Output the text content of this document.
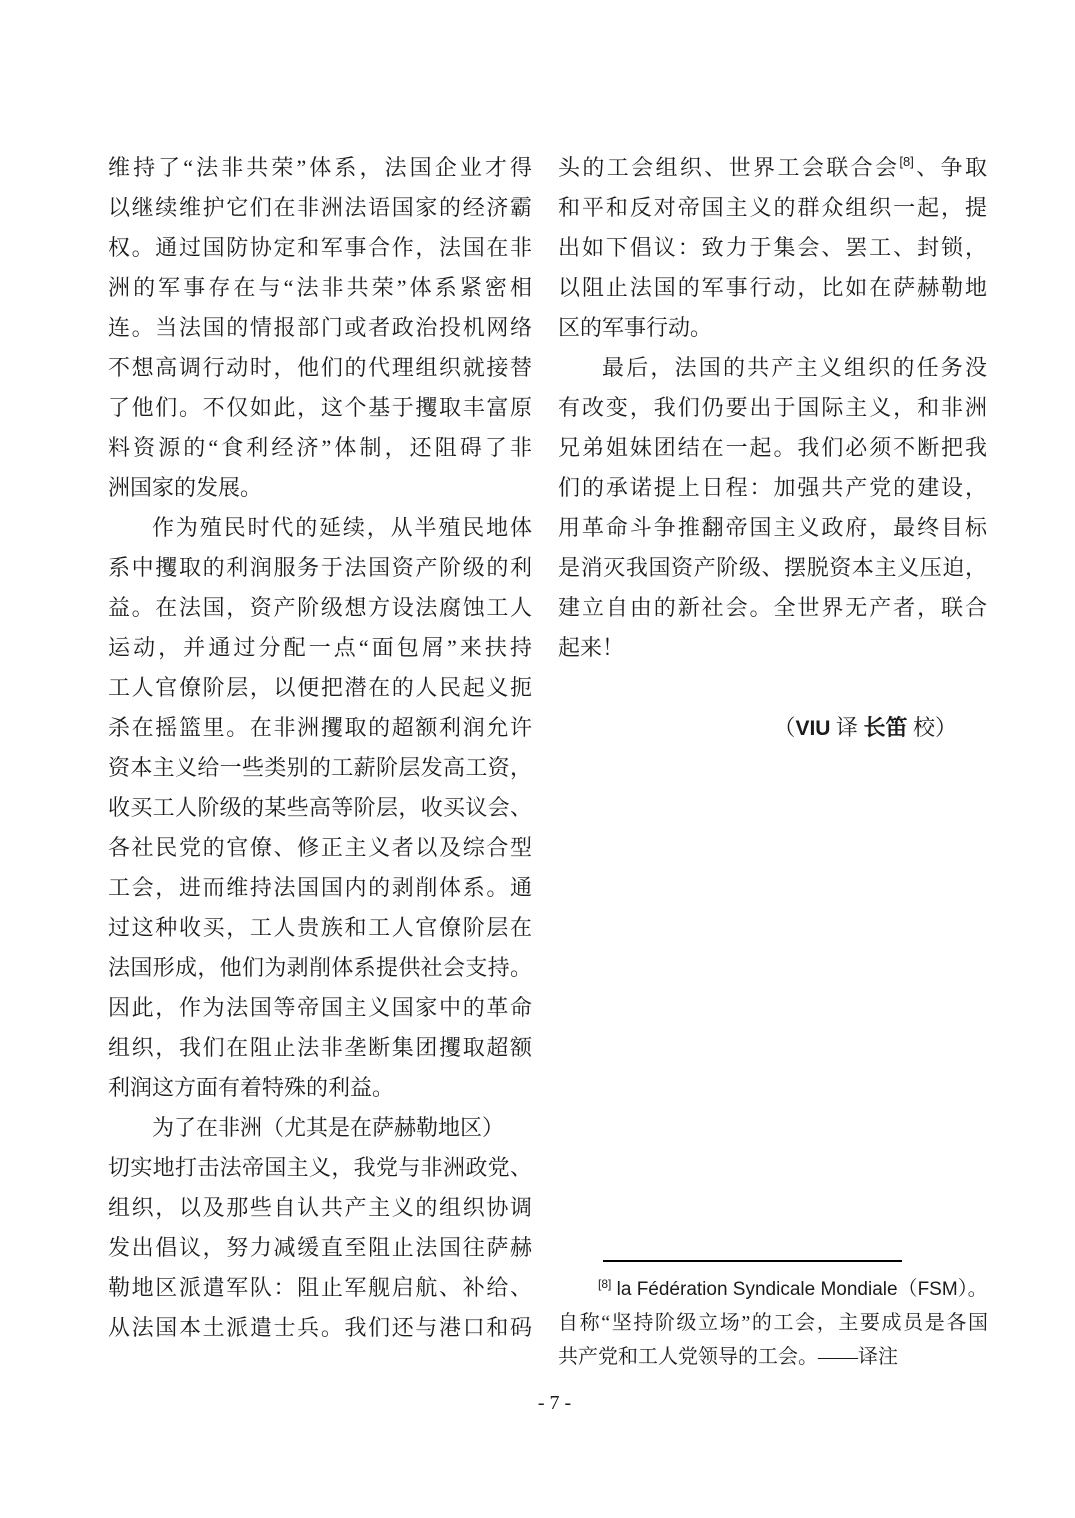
维持了“法非共荣”体系，法国企业才得
以继续维护它们在非洲法语国家的经济霸
权。通过国防协定和军事合作，法国在非
洲的军事存在与“法非共荣”体系紧密相
连。当法国的情报部门或者政治投机网络
不想高调行动时，他们的代理组织就接替
了他们。不仅如此，这个基于攫取丰富原
料资源的“食利经济”体制，还阻碍了非
洲国家的发展。
作为殖民时代的延续，从半殖民地体
系中攫取的利润服务于法国资产阶级的利
益。在法国，资产阶级想方设法腐蚀工人
运动，并通过分配一点“面包屑”来扶持
工人官僚阶层，以便把潜在的人民起义扼
杀在摇篮里。在非洲攫取的超额利润允许
资本主义给一些类别的工薪阶层发高工资，
收买工人阶级的某些高等阶层，收买议会、
各社民党的官僚、修正主义者以及综合型
工会，进而维持法国国内的剥削体系。通
过这种收买，工人贵族和工人官僚阶层在
法国形成，他们为剥削体系提供社会支持。
因此，作为法国等帝国主义国家中的革命
组织，我们在阻止法非垄断集团攫取超额
利润这方面有着特殊的利益。
为了在非洲（尤其是在萨赫勒地区）
切实地打击法帝国主义，我党与非洲政党、
组织，以及那些自认共产主义的组织协调
发出倡议，努力减缓直至阻止法国往萨赫
勒地区派遣军队：阻止军舰启航、补给、
从法国本土派遣士兵。我们还与港口和码
头的工会组织、世界工会联合会[8]、争取
和平和反对帝国主义的群众组织一起，提
出如下倡议：致力于集会、罢工、封锁，
以阻止法国的军事行动，比如在萨赫勒地
区的军事行动。
最后，法国的共产主义组织的任务没
有改变，我们仍要出于国际主义，和非洲
兄弟姐妹团结在一起。我们必须不断把我
们的承诺提上日程：加强共产党的建设，
用革命斗争推翻帝国主义政府，最终目标
是消灭我国资产阶级、摆脱资本主义压迫，
建立自由的新社会。全世界无产者，联合
起来！
（VIU 译 长笛 校）
[8] la Fédération Syndicale Mondiale（FSM）。
自称“坚持阶级立场”的工会，主要成员是各国
共产党和工人党领导的工会。——译注
- 7 -
